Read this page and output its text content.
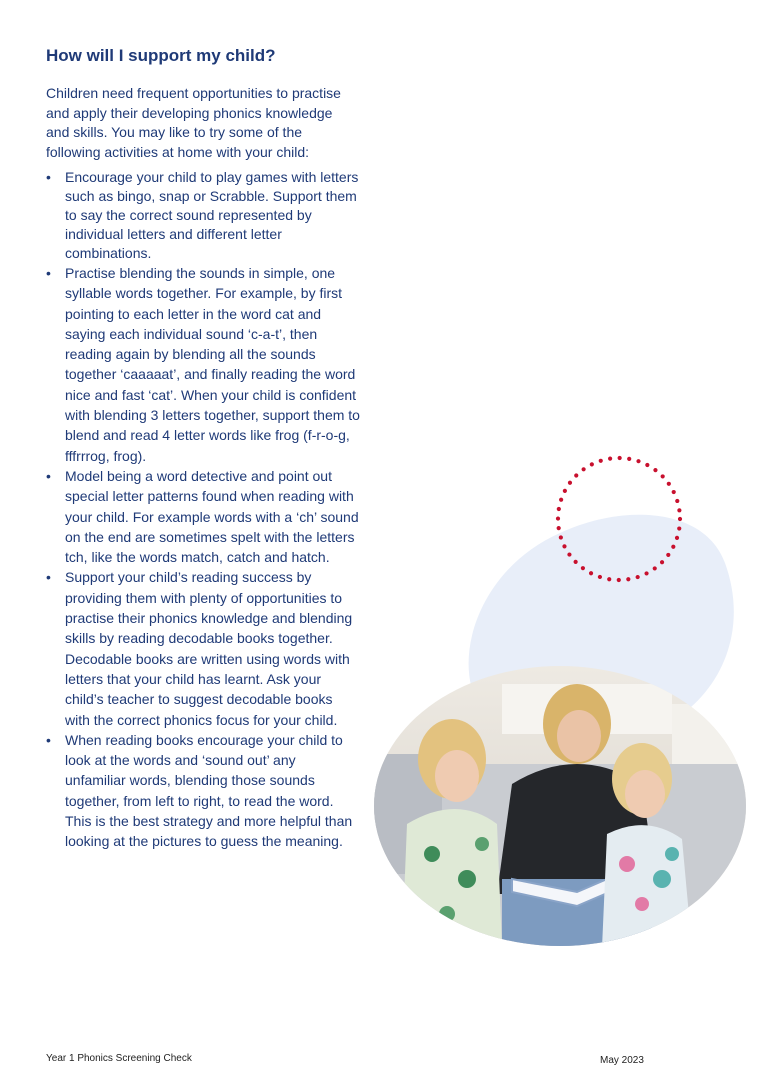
How will I support my child?

Children need frequent opportunities to practise and apply their developing phonics knowledge and skills. You may like to try some of the following activities at home with your child:

• Encourage your child to play games with letters such as bingo, snap or Scrabble. Support them to say the correct sound represented by individual letters and different letter combinations.
• Practise blending the sounds in simple, one syllable words together. For example, by first pointing to each letter in the word cat and saying each individual sound ‘c-a-t’, then reading again by blending all the sounds together ‘caaaaat’, and finally reading the word nice and fast ‘cat’. When your child is confident with blending 3 letters together, support them to blend and read 4 letter words like frog (f-r-o-g, fffrrrog, frog).
• Model being a word detective and point out special letter patterns found when reading with your child. For example words with a ‘ch’ sound on the end are sometimes spelt with the letters tch, like the words match, catch and hatch.
• Support your child’s reading success by providing them with plenty of opportunities to practise their phonics knowledge and blending skills by reading decodable books together. Decodable books are written using words with letters that your child has learnt. Ask your child’s teacher to suggest decodable books with the correct phonics focus for your child.
• When reading books encourage your child to look at the words and ‘sound out’ any unfamiliar words, blending those sounds together, from left to right, to read the word. This is the best strategy and more helpful than looking at the pictures to guess the meaning.

Year 1 Phonics Screening Check	May 2023
